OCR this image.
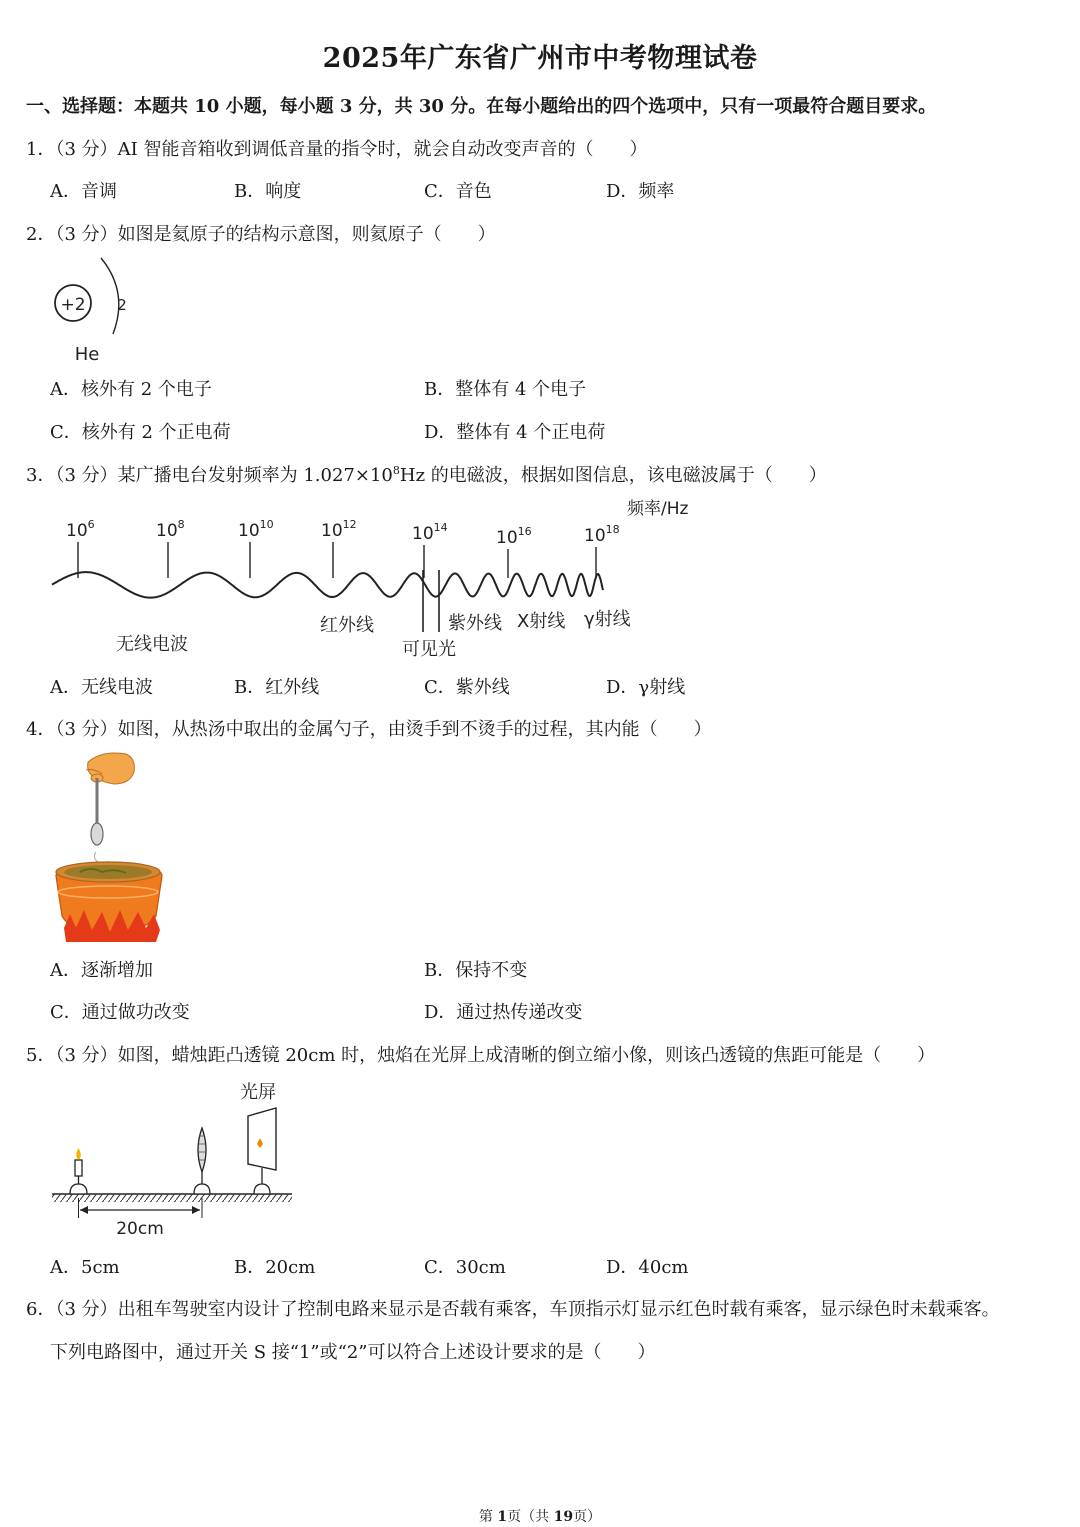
2025年广东省广州市中考物理试卷
一、选择题：本题共 10 小题，每小题 3 分，共 30 分。在每小题给出的四个选项中，只有一项最符合题目要求。
1．（3 分）AI 智能音箱收到调低音量的指令时，就会自动改变声音的（　　）
A．音调	B．响度	C．音色	D．频率
2．（3 分）如图是氦原子的结构示意图，则氦原子（　　）
+2 2
He
A．核外有 2 个电子	B．整体有 4 个电子
C．核外有 2 个正电荷	D．整体有 4 个正电荷
3．（3 分）某广播电台发射频率为 $1.027\times 10^8Hz$ 的电磁波，根据如图信息，该电磁波属于（　　）
频率/Hz
$10^6$	$10^8$	$10^{10}$	$10^{12}$	$10^{14}$
$10^{16}$	$10^{18}$
无线电波
红外线
可见光
紫外线 X射线 γ射线
A．无线电波	B．红外线	C．紫外线	D．γ射线
4．（3 分）如图，从热汤中取出的金属勺子，由烫手到不烫手的过程，其内能（　　）
A．逐渐增加	B．保持不变
C．通过做功改变	D．通过热传递改变
5．（3 分）如图，蜡烛距凸透镜 20cm 时，烛焰在光屏上成清晰的倒立缩小像，则该凸透镜的焦距可能是（　　）
光屏
20cm
A．5cm	B．20cm	C．30cm	D．40cm
6．（3 分）出租车驾驶室内设计了控制电路来显示是否载有乘客，车顶指示灯显示红色时载有乘客，显示绿色时未载乘客。
下列电路图中，通过开关 S 接“1”或“2”可以符合上述设计要求的是（　　）
第 1页（共 19页）
